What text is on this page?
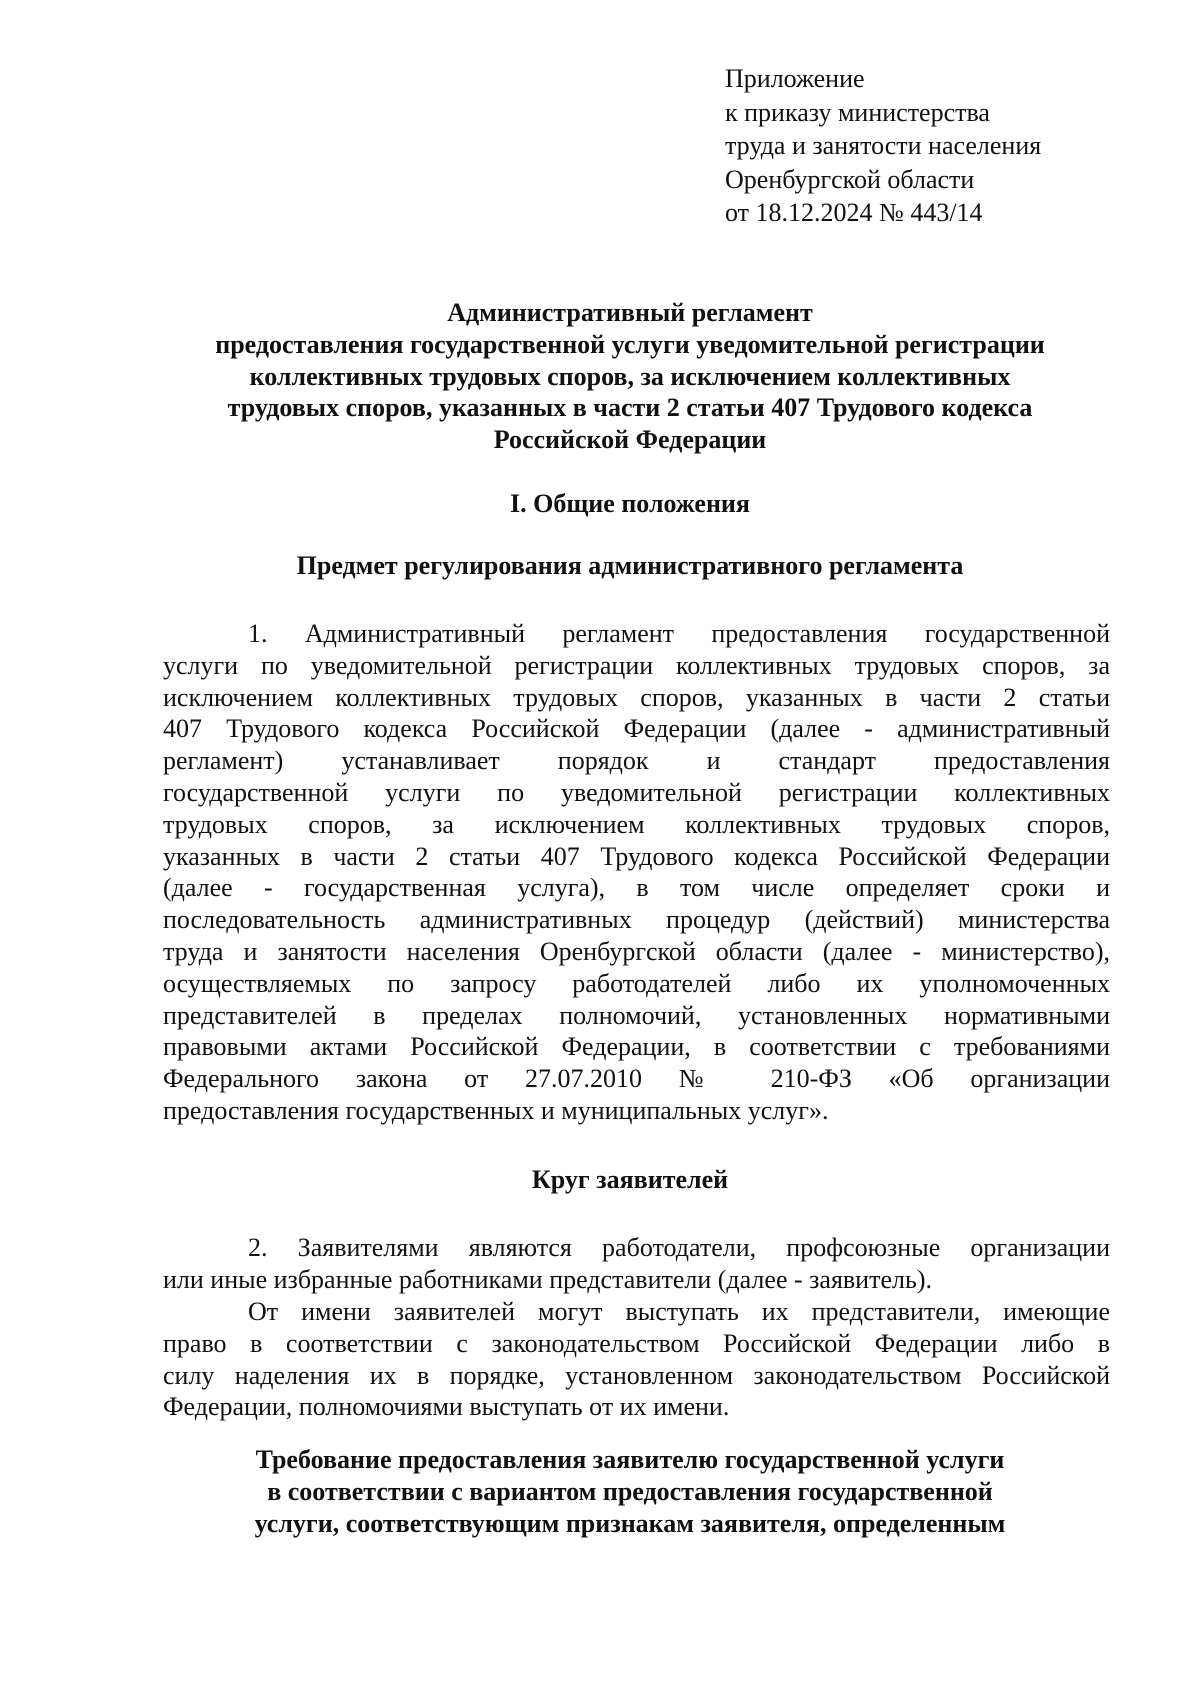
Приложение
к приказу министерства
труда и занятости населения
Оренбургской области
от 18.12.2024 № 443/14
Административный регламент
предоставления государственной услуги уведомительной регистрации
коллективных трудовых споров, за исключением коллективных
трудовых споров, указанных в части 2 статьи 407 Трудового кодекса
Российской Федерации
I. Общие положения
Предмет регулирования административного регламента
1. Административный регламент предоставления государственной
услуги по уведомительной регистрации коллективных трудовых споров, за
исключением коллективных трудовых споров, указанных в части 2 статьи
407 Трудового кодекса Российской Федерации (далее - административный
регламент) устанавливает порядок и стандарт предоставления
государственной услуги по уведомительной регистрации коллективных
трудовых споров, за исключением коллективных трудовых споров,
указанных в части 2 статьи 407 Трудового кодекса Российской Федерации
(далее - государственная услуга), в том числе определяет сроки и
последовательность административных процедур (действий) министерства
труда и занятости населения Оренбургской области (далее - министерство),
осуществляемых по запросу работодателей либо их уполномоченных
представителей в пределах полномочий, установленных нормативными
правовыми актами Российской Федерации, в соответствии с требованиями
Федерального закона от 27.07.2010 № 210-ФЗ «Об организации
предоставления государственных и муниципальных услуг».
Круг заявителей
2. Заявителями являются работодатели, профсоюзные организации
или иные избранные работниками представители (далее - заявитель).
От имени заявителей могут выступать их представители, имеющие
право в соответствии с законодательством Российской Федерации либо в
силу наделения их в порядке, установленном законодательством Российской
Федерации, полномочиями выступать от их имени.
Требование предоставления заявителю государственной услуги
в соответствии с вариантом предоставления государственной
услуги, соответствующим признакам заявителя, определенным
